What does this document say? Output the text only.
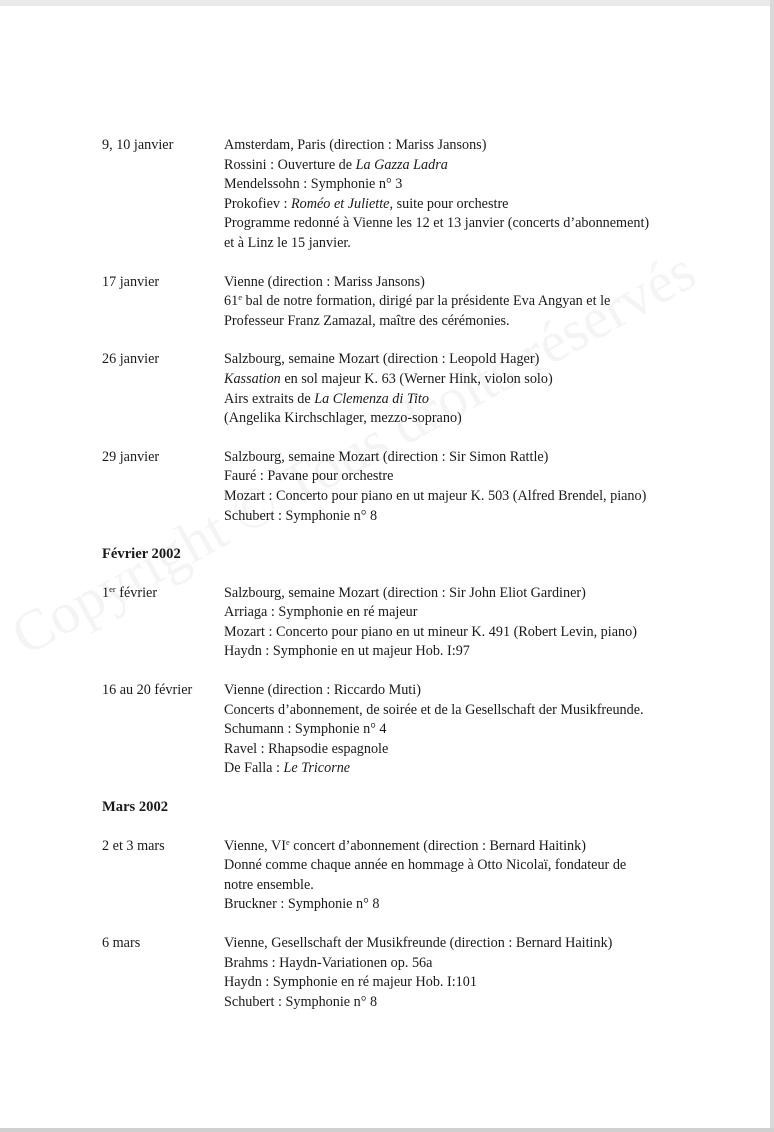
9, 10 janvier	Amsterdam, Paris (direction : Mariss Jansons)
Rossini : Ouverture de La Gazza Ladra
Mendelssohn : Symphonie n° 3
Prokofiev : Roméo et Juliette, suite pour orchestre
Programme redonné à Vienne les 12 et 13 janvier (concerts d’abonnement)
et à Linz le 15 janvier.
17 janvier	Vienne (direction : Mariss Jansons)
61e bal de notre formation, dirigé par la présidente Eva Angyan et le
Professeur Franz Zamazal, maître des cérémonies.
26 janvier	Salzbourg, semaine Mozart (direction : Leopold Hager)
Kassation en sol majeur K. 63 (Werner Hink, violon solo)
Airs extraits de La Clemenza di Tito
(Angelika Kirchschlager, mezzo-soprano)
29 janvier	Salzbourg, semaine Mozart (direction : Sir Simon Rattle)
Fauré : Pavane pour orchestre
Mozart : Concerto pour piano en ut majeur K. 503 (Alfred Brendel, piano)
Schubert : Symphonie n° 8
Février 2002
1er février	Salzbourg, semaine Mozart (direction : Sir John Eliot Gardiner)
Arriaga : Symphonie en ré majeur
Mozart : Concerto pour piano en ut mineur K. 491 (Robert Levin, piano)
Haydn : Symphonie en ut majeur Hob. I:97
16 au 20 février	Vienne (direction : Riccardo Muti)
Concerts d’abonnement, de soirée et de la Gesellschaft der Musikfreunde.
Schumann : Symphonie n° 4
Ravel : Rhapsodie espagnole
De Falla : Le Tricorne
Mars 2002
2 et 3 mars	Vienne, VIe concert d’abonnement (direction : Bernard Haitink)
Donné comme chaque année en hommage à Otto Nicolaï, fondateur de
notre ensemble.
Bruckner : Symphonie n° 8
6 mars	Vienne, Gesellschaft der Musikfreunde (direction : Bernard Haitink)
Brahms : Haydn-Variationen op. 56a
Haydn : Symphonie en ré majeur Hob. I:101
Schubert : Symphonie n° 8
